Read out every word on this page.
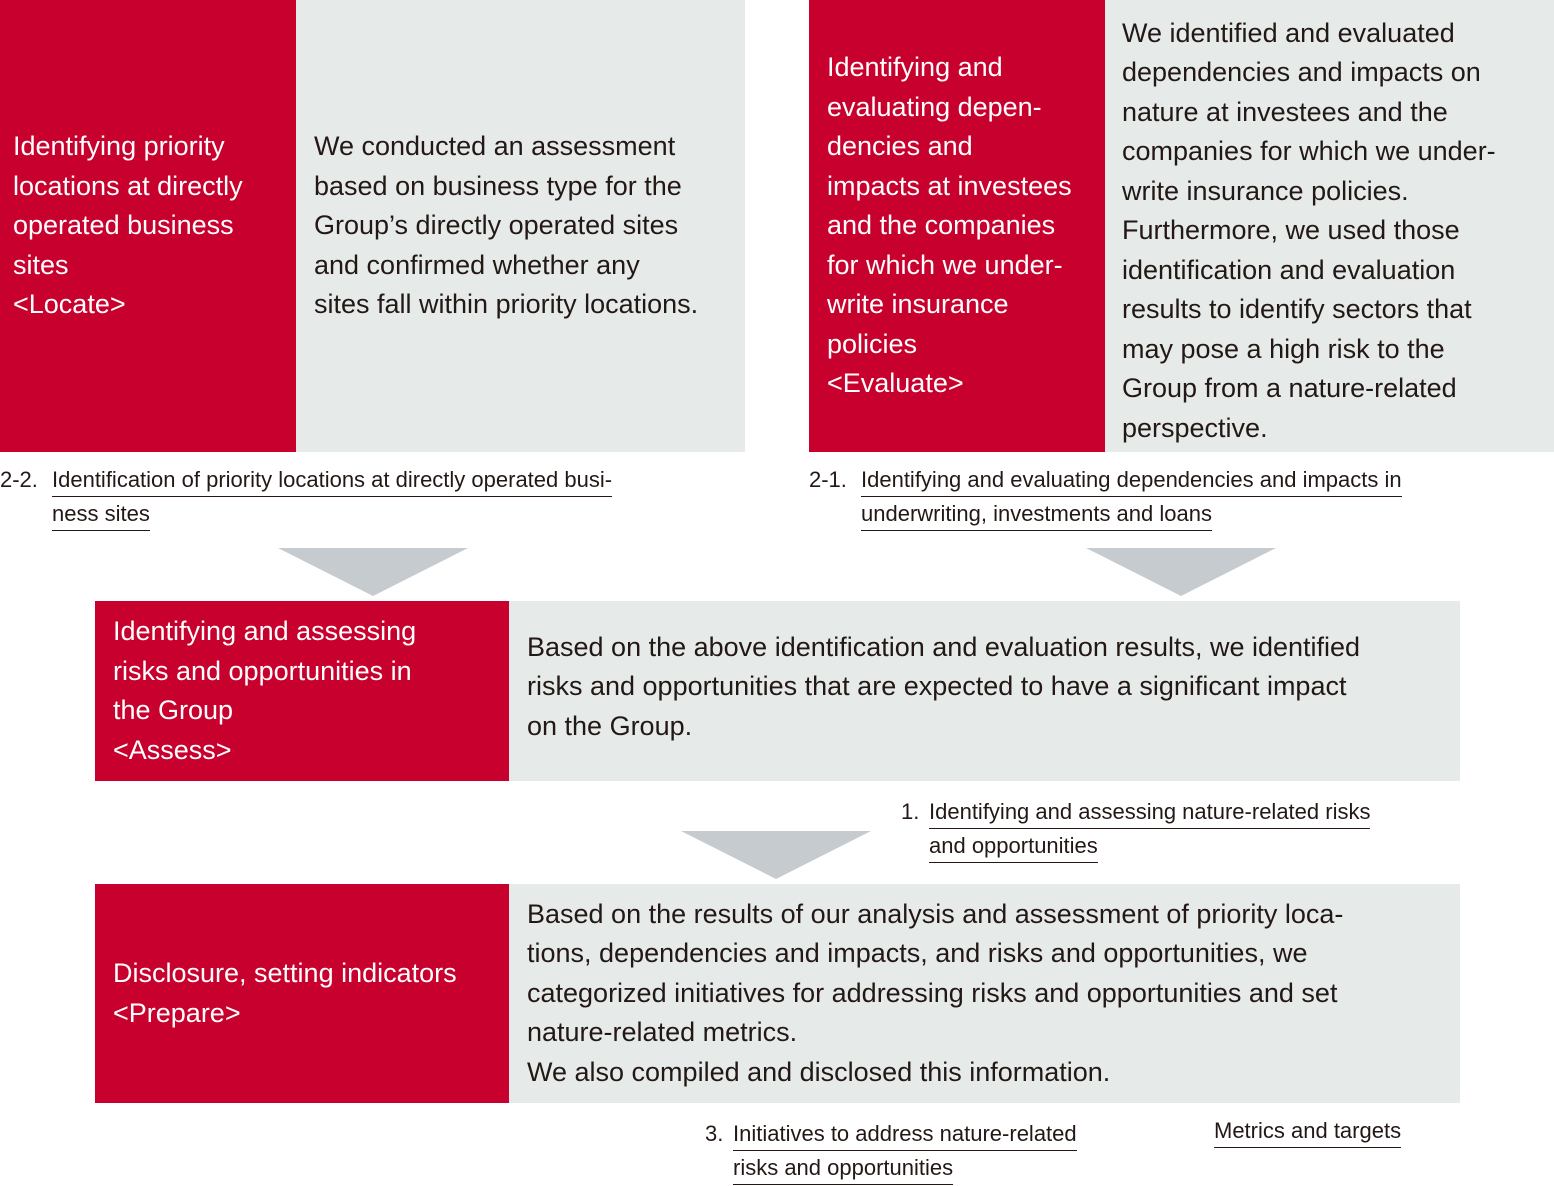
Identifying priority
locations at directly
operated business
sites
<Locate>
We conducted an assessment
based on business type for the
Group’s directly operated sites
and confirmed whether any
sites fall within priority locations.
Identifying and
evaluating depen-
dencies and
impacts at investees
and the companies
for which we under-
write insurance
policies
<Evaluate>
We identified and evaluated
dependencies and impacts on
nature at investees and the
companies for which we under-
write insurance policies.
Furthermore, we used those
identification and evaluation
results to identify sectors that
may pose a high risk to the
Group from a nature-related
perspective.
2-2. Identification of priority locations at directly operated busi-
ness sites
2-1. Identifying and evaluating dependencies and impacts in
underwriting, investments and loans
Identifying and assessing
risks and opportunities in
the Group
<Assess>
Based on the above identification and evaluation results, we identified
risks and opportunities that are expected to have a significant impact
on the Group.
1. Identifying and assessing nature-related risks
and opportunities
Disclosure, setting indicators
<Prepare>
Based on the results of our analysis and assessment of priority loca-
tions, dependencies and impacts, and risks and opportunities, we
categorized initiatives for addressing risks and opportunities and set
nature-related metrics.
We also compiled and disclosed this information.
3. Initiatives to address nature-related
risks and opportunities
Metrics and targets
